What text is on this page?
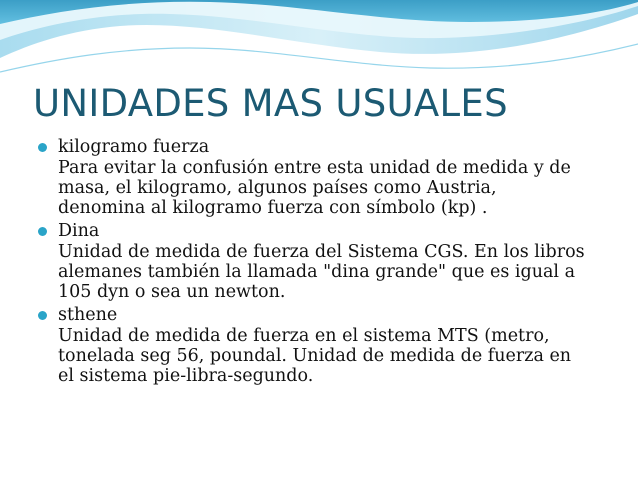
UNIDADES MAS USUALES
kilogramo fuerza
Para evitar la confusión entre esta unidad de medida y de
masa, el kilogramo, algunos países como Austria,
denomina al kilogramo fuerza con símbolo (kp) .
Dina
Unidad de medida de fuerza del Sistema CGS. En los libros
alemanes también la llamada "dina grande" que es igual a
105 dyn o sea un newton.
sthene
Unidad de medida de fuerza en el sistema MTS (metro,
tonelada seg 56, poundal. Unidad de medida de fuerza en
el sistema pie-libra-segundo.
